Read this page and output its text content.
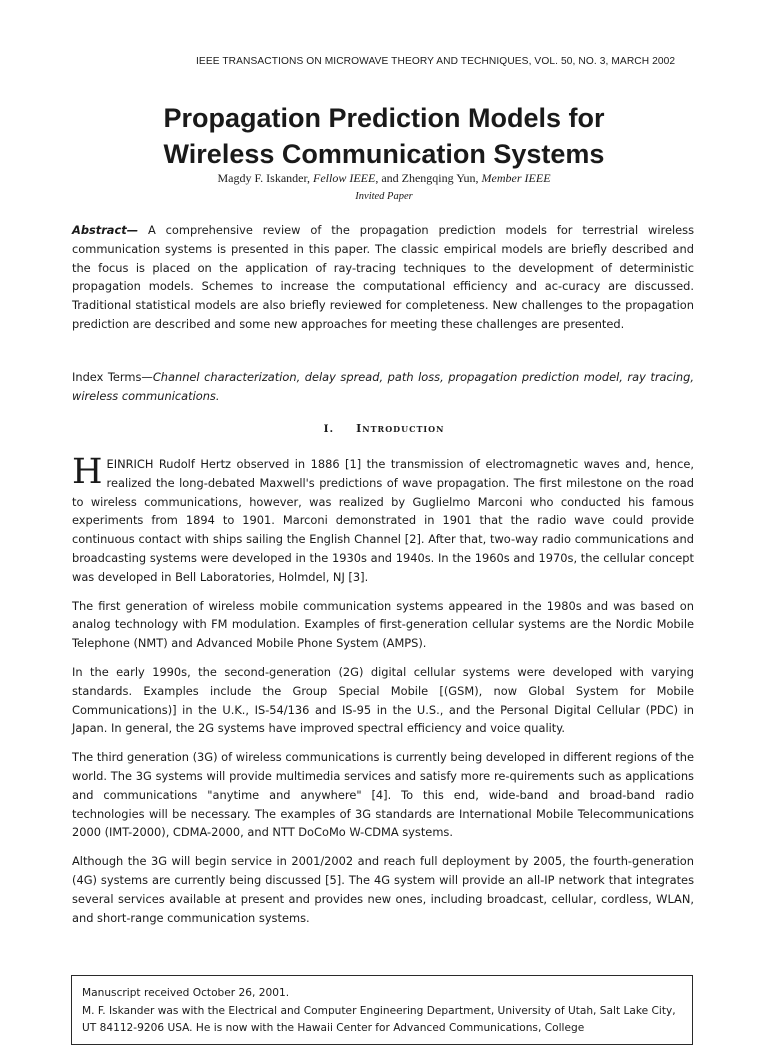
IEEE TRANSACTIONS ON MICROWAVE THEORY AND TECHNIQUES, VOL. 50, NO. 3, MARCH 2002
Propagation Prediction Models for
Wireless Communication Systems
Magdy F. Iskander, Fellow IEEE, and Zhengqing Yun, Member IEEE
Invited Paper

Abstract— A comprehensive review of the propagation prediction models for terrestrial wireless communication systems is presented in this paper. The classic empirical models are briefly described and the focus is placed on the application of ray-tracing techniques to the development of deterministic propagation models. Schemes to increase the computational efficiency and ac-curacy are discussed. Traditional statistical models are also briefly reviewed for completeness. New challenges to the propagation prediction are described and some new approaches for meeting these challenges are presented.

Index Terms—Channel characterization, delay spread, path loss, propagation prediction model, ray tracing, wireless communications.

I. Introduction

HEINRICH Rudolf Hertz observed in 1886 [1] the transmission of electromagnetic waves and, hence, realized the long-debated Maxwell's predictions of wave propagation. The first milestone on the road to wireless communications, however, was realized by Guglielmo Marconi who conducted his famous experiments from 1894 to 1901. Marconi demonstrated in 1901 that the radio wave could provide continuous contact with ships sailing the English Channel [2]. After that, two-way radio communications and broadcasting systems were developed in the 1930s and 1940s. In the 1960s and 1970s, the cellular concept was developed in Bell Laboratories, Holmdel, NJ [3].

The first generation of wireless mobile communication systems appeared in the 1980s and was based on analog technology with FM modulation. Examples of first-generation cellular systems are the Nordic Mobile Telephone (NMT) and Advanced Mobile Phone System (AMPS).

In the early 1990s, the second-generation (2G) digital cellular systems were developed with varying standards. Examples include the Group Special Mobile [(GSM), now Global System for Mobile Communications)] in the U.K., IS-54/136 and IS-95 in the U.S., and the Personal Digital Cellular (PDC) in Japan. In general, the 2G systems have improved spectral efficiency and voice quality.

The third generation (3G) of wireless communications is currently being developed in different regions of the world. The 3G systems will provide multimedia services and satisfy more re-quirements such as applications and communications "anytime and anywhere" [4]. To this end, wide-band and broad-band radio technologies will be necessary. The examples of 3G standards are International Mobile Telecommunications 2000 (IMT-2000), CDMA-2000, and NTT DoCoMo W-CDMA systems.

Although the 3G will begin service in 2001/2002 and reach full deployment by 2005, the fourth-generation (4G) systems are currently being discussed [5]. The 4G system will provide an all-IP network that integrates several services available at present and provides new ones, including broadcast, cellular, cordless, WLAN, and short-range communication systems.

Manuscript received October 26, 2001.

M. F. Iskander was with the Electrical and Computer Engineering Department, University of Utah, Salt Lake City, UT 84112-9206 USA. He is now with the Hawaii Center for Advanced Communications, College
